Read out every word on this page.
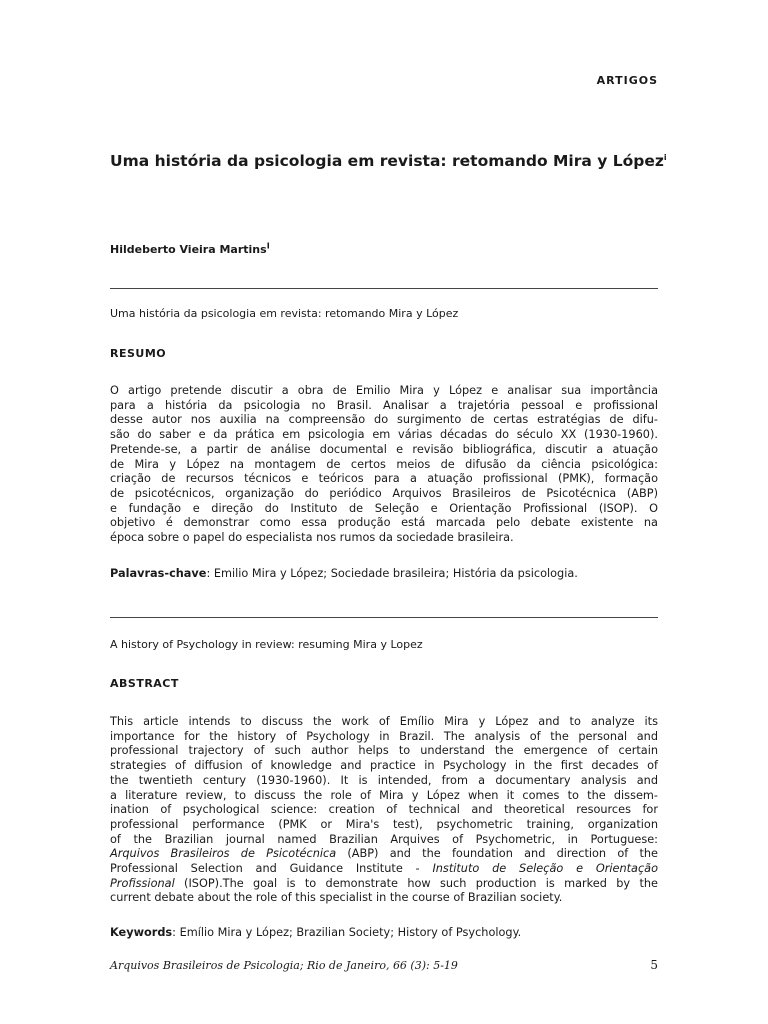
ARTIGOS
Uma história da psicologia em revista: retomando Mira y López$^i$
Hildeberto Vieira Martins$^I$
Uma história da psicologia em revista: retomando Mira y López
RESUMO
O artigo pretende discutir a obra de Emilio Mira y López e analisar sua importância
para a história da psicologia no Brasil. Analisar a trajetória pessoal e profissional
desse autor nos auxilia na compreensão do surgimento de certas estratégias de difu-
são do saber e da prática em psicologia em várias décadas do século XX (1930-1960).
Pretende-se, a partir de análise documental e revisão bibliográfica, discutir a atuação
de Mira y López na montagem de certos meios de difusão da ciência psicológica:
criação de recursos técnicos e teóricos para a atuação profissional (PMK), formação
de psicotécnicos, organização do periódico Arquivos Brasileiros de Psicotécnica (ABP)
e fundação e direção do Instituto de Seleção e Orientação Profissional (ISOP). O
objetivo é demonstrar como essa produção está marcada pelo debate existente na
época sobre o papel do especialista nos rumos da sociedade brasileira.
Palavras-chave: Emilio Mira y López; Sociedade brasileira; História da psicologia.
A history of Psychology in review: resuming Mira y Lopez
ABSTRACT
This article intends to discuss the work of Emílio Mira y López and to analyze its
importance for the history of Psychology in Brazil. The analysis of the personal and
professional trajectory of such author helps to understand the emergence of certain
strategies of diffusion of knowledge and practice in Psychology in the first decades of
the twentieth century (1930-1960). It is intended, from a documentary analysis and
a literature review, to discuss the role of Mira y López when it comes to the dissem-
ination of psychological science: creation of technical and theoretical resources for
professional performance (PMK or Mira's test), psychometric training, organization
of the Brazilian journal named Brazilian Arquives of Psychometric, in Portuguese:
Arquivos Brasileiros de Psicotécnica (ABP) and the foundation and direction of the
Professional Selection and Guidance Institute - Instituto de Seleção e Orientação
Profissional (ISOP).The goal is to demonstrate how such production is marked by the
current debate about the role of this specialist in the course of Brazilian society.
Keywords: Emílio Mira y López; Brazilian Society; History of Psychology.
Arquivos Brasileiros de Psicologia; Rio de Janeiro, 66 (3): 5-19	5
